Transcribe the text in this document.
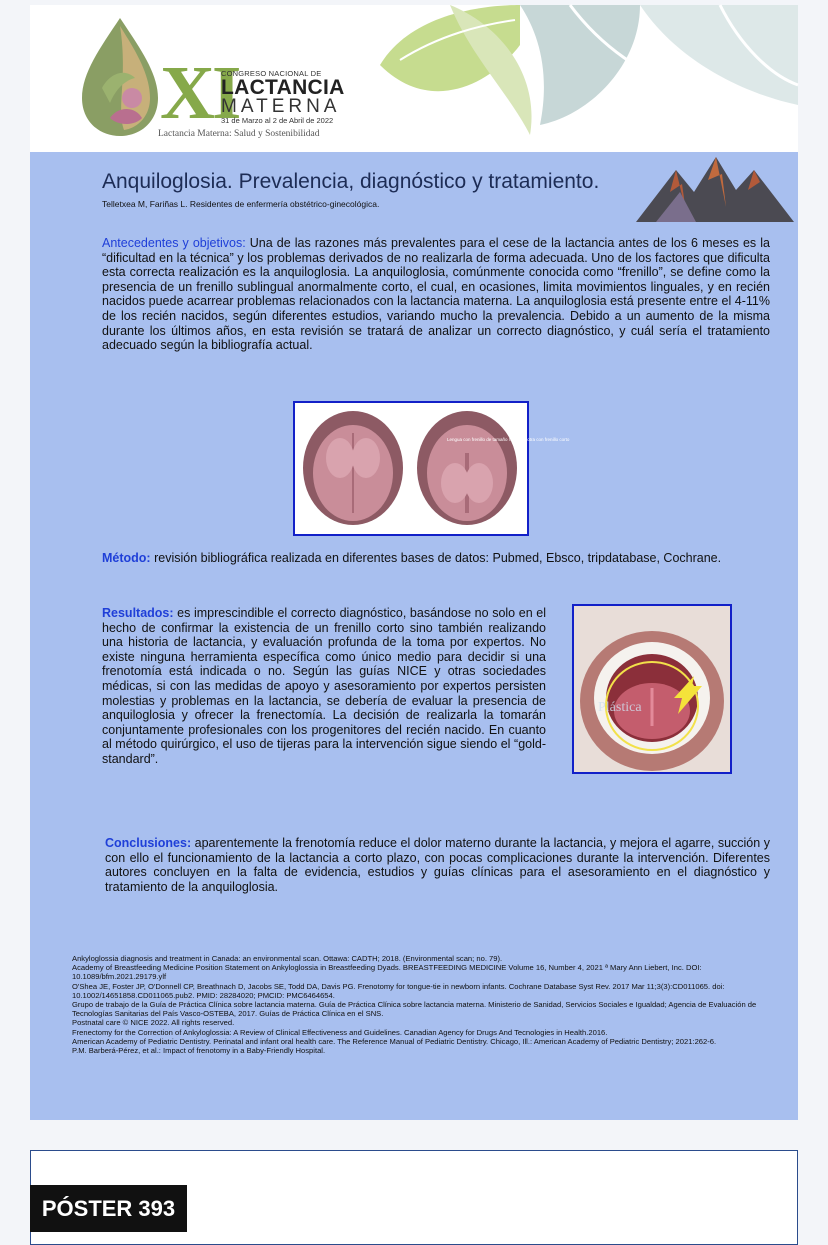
XI
CONGRESO NACIONAL DE
LACTANCIA
MATERNA
31 de Marzo al 2 de Abril de 2022
Lactancia Materna: Salud y Sostenibilidad
Anquiloglosia. Prevalencia, diagnóstico y tratamiento.
Telletxea M, Fariñas L. Residentes de enfermería obstétrico-ginecológica.

Antecedentes y objetivos: Una de las razones más prevalentes para el cese de la lactancia antes de los 6 meses es la “dificultad en la técnica” y los problemas derivados de no realizarla de forma adecuada. Uno de los factores que dificulta esta correcta realización es la anquiloglosia. La anquiloglosia, comúnmente conocida como “frenillo”, se define como la presencia de un frenillo sublingual anormalmente corto, el cual, en ocasiones, limita movimientos linguales, y en recién nacidos puede acarrear problemas relacionados con la lactancia materna. La anquiloglosia está presente entre el 4-11% de los recién nacidos, según diferentes estudios, variando mucho la prevalencia. Debido a un aumento de la misma durante los últimos años, en esta revisión se tratará de analizar un correcto diagnóstico, y cuál sería el tratamiento adecuado según la bibliografía actual.

Lengua con frenillo de tamaño normal y otra con frenillo corto

Método: revisión bibliográfica realizada en diferentes bases de datos: Pubmed, Ebsco, tripdatabase, Cochrane.

Resultados: es imprescindible el correcto diagnóstico, basándose no solo en el hecho de confirmar la existencia de un frenillo corto sino también realizando una historia de lactancia, y evaluación profunda de la toma por expertos. No existe ninguna herramienta específica como único medio para decidir si una frenotomía está indicada o no. Según las guías NICE y otras sociedades médicas, si con las medidas de apoyo y asesoramiento por expertos persisten molestias y problemas en la lactancia, se debería de evaluar la presencia de anquiloglosia y ofrecer la frenectomía. La decisión de realizarla la tomarán conjuntamente profesionales con los progenitores del recién nacido. En cuanto al método quirúrgico, el uso de tijeras para la intervención sigue siendo el “gold-standard”.

Plástica

Conclusiones: aparentemente la frenotomía reduce el dolor materno durante la lactancia, y mejora el agarre, succión y con ello el funcionamiento de la lactancia a corto plazo, con pocas complicaciones durante la intervención. Diferentes autores concluyen en la falta de evidencia, estudios y guías clínicas para el asesoramiento en el diagnóstico y tratamiento de la anquiloglosia.

Ankyloglossia diagnosis and treatment in Canada: an environmental scan. Ottawa: CADTH; 2018. (Environmental scan; no. 79).
Academy of Breastfeeding Medicine Position Statement on Ankyloglossia in Breastfeeding Dyads. BREASTFEEDING MEDICINE Volume 16, Number 4, 2021 ª Mary Ann Liebert, Inc. DOI: 10.1089/bfm.2021.29179.ylf
O'Shea JE, Foster JP, O'Donnell CP, Breathnach D, Jacobs SE, Todd DA, Davis PG. Frenotomy for tongue-tie in newborn infants. Cochrane Database Syst Rev. 2017 Mar 11;3(3):CD011065. doi: 10.1002/14651858.CD011065.pub2. PMID: 28284020; PMCID: PMC6464654.
Grupo de trabajo de la Guía de Práctica Clínica sobre lactancia materna. Guía de Práctica Clínica sobre lactancia materna. Ministerio de Sanidad, Servicios Sociales e Igualdad; Agencia de Evaluación de Tecnologías Sanitarias del País Vasco-OSTEBA, 2017. Guías de Práctica Clínica en el SNS.
Postnatal care © NICE 2022. All rights reserved.
Frenectomy for the Correction of Ankyloglossia: A Review of Clinical Effectiveness and Guidelines. Canadian Agency for Drugs And Tecnologies in Health.2016.
American Academy of Pediatric Dentistry. Perinatal and infant oral health care. The Reference Manual of Pediatric Dentistry. Chicago, Ill.: American Academy of Pediatric Dentistry; 2021:262-6.
P.M. Barberá-Pérez, et al.: Impact of frenotomy in a Baby-Friendly Hospital.
PÓSTER 393
